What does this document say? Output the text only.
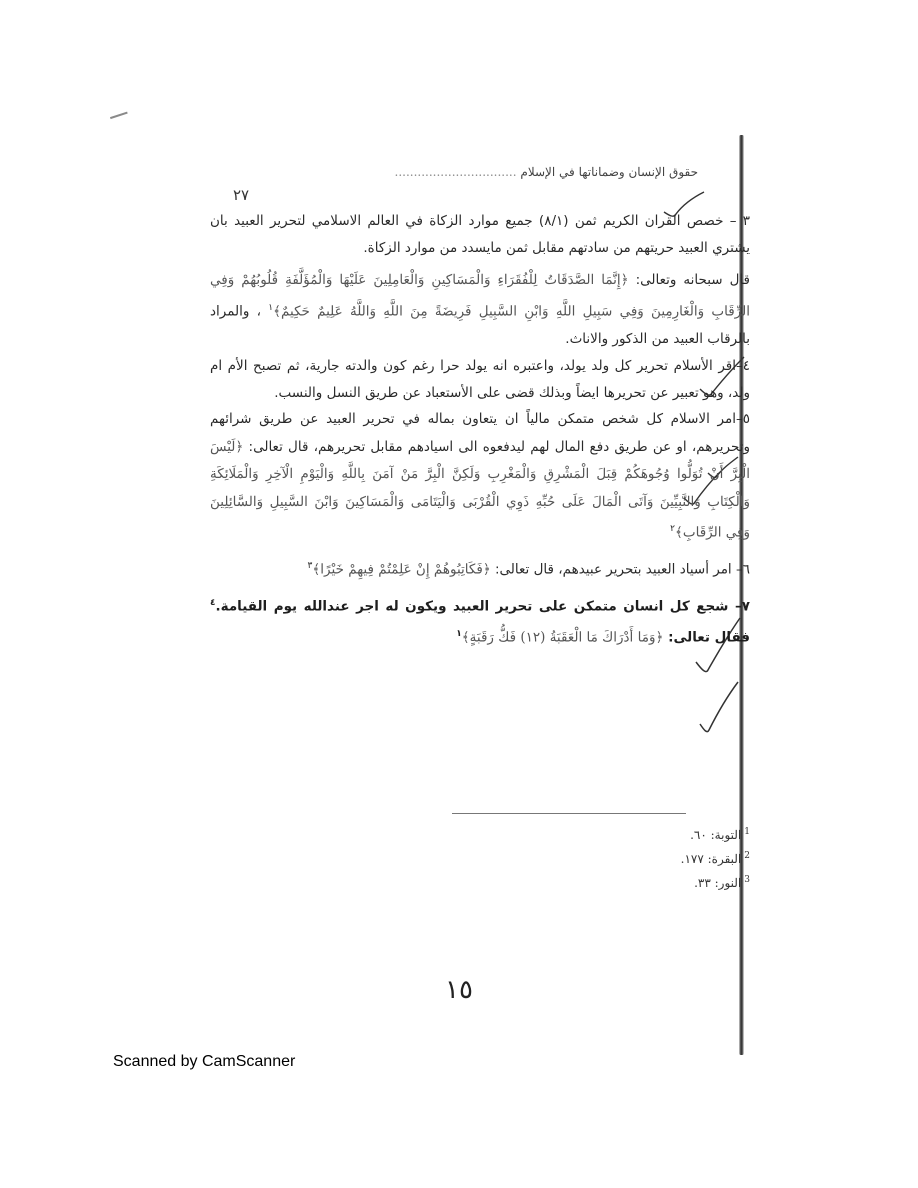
حقوق الإنسان وضماناتها في الإسلام ................................
٢٧

٣ – خصص القران الكريم ثمن (٨/١) جميع موارد الزكاة في العالم الاسلامي لتحرير العبيد بان يشتري العبيد حريتهم من سادتهم مقابل ثمن مايسدد من موارد الزكاة.

قال سبحانه وتعالى: ﴿إِنَّمَا الصَّدَقَاتُ لِلْفُقَرَاءِ وَالْمَسَاكِينِ وَالْعَامِلِينَ عَلَيْهَا وَالْمُؤَلَّفَةِ قُلُوبُهُمْ وَفِي الرِّقَابِ وَالْغَارِمِينَ وَفِي سَبِيلِ اللَّهِ وَابْنِ السَّبِيلِ فَرِيضَةً مِنَ اللَّهِ وَاللَّهُ عَلِيمٌ حَكِيمٌ﴾$^١$ ، والمراد بالرقاب العبيد من الذكور والاناث.

٤–اقر الأسلام تحرير كل ولد يولد، واعتبره انه يولد حرا رغم كون والدته جارية، ثم تصبح الأم ام ولد، وهو تعبير عن تحريرها ايضاً وبذلك قضى على الأستعباد عن طريق النسل والنسب.

٥–امر الاسلام كل شخص متمكن مالياً ان يتعاون بماله في تحرير العبيد عن طريق شرائهم وتحريرهم، او عن طريق دفع المال لهم ليدفعوه الى اسيادهم مقابل تحريرهم، قال تعالى: ﴿لَيْسَ الْبِرَّ أَنْ تُوَلُّوا وُجُوهَكُمْ قِبَلَ الْمَشْرِقِ وَالْمَغْرِبِ وَلَكِنَّ الْبِرَّ مَنْ آمَنَ بِاللَّهِ وَالْيَوْمِ الْآخِرِ وَالْمَلَائِكَةِ وَالْكِتَابِ وَالنَّبِيِّينَ وَآتَى الْمَالَ عَلَى حُبِّهِ ذَوِي الْقُرْبَى وَالْيَتَامَى وَالْمَسَاكِينَ وَابْنَ السَّبِيلِ وَالسَّائِلِينَ وَفِي الرِّقَابِ﴾$^٢$

٦– امر أسياد العبيد بتحرير عبيدهم، قال تعالى: ﴿فَكَاتِبُوهُمْ إِنْ عَلِمْتُمْ فِيهِمْ خَيْرًا﴾$^٣$

٧– شجع كل انسان متمكن على تحرير العبيد ويكون له اجر عندالله يوم القيامة.$^٤$ فقال تعالى: ﴿وَمَا أَدْرَاكَ مَا الْعَقَبَةُ (١٢) فَكُّ رَقَبَةٍ﴾$^١$

$^1$التوبة: ٦٠.
$^2$البقرة: ١٧٧.
$^3$النور: ٣٣.
١٥
Scanned by CamScanner
